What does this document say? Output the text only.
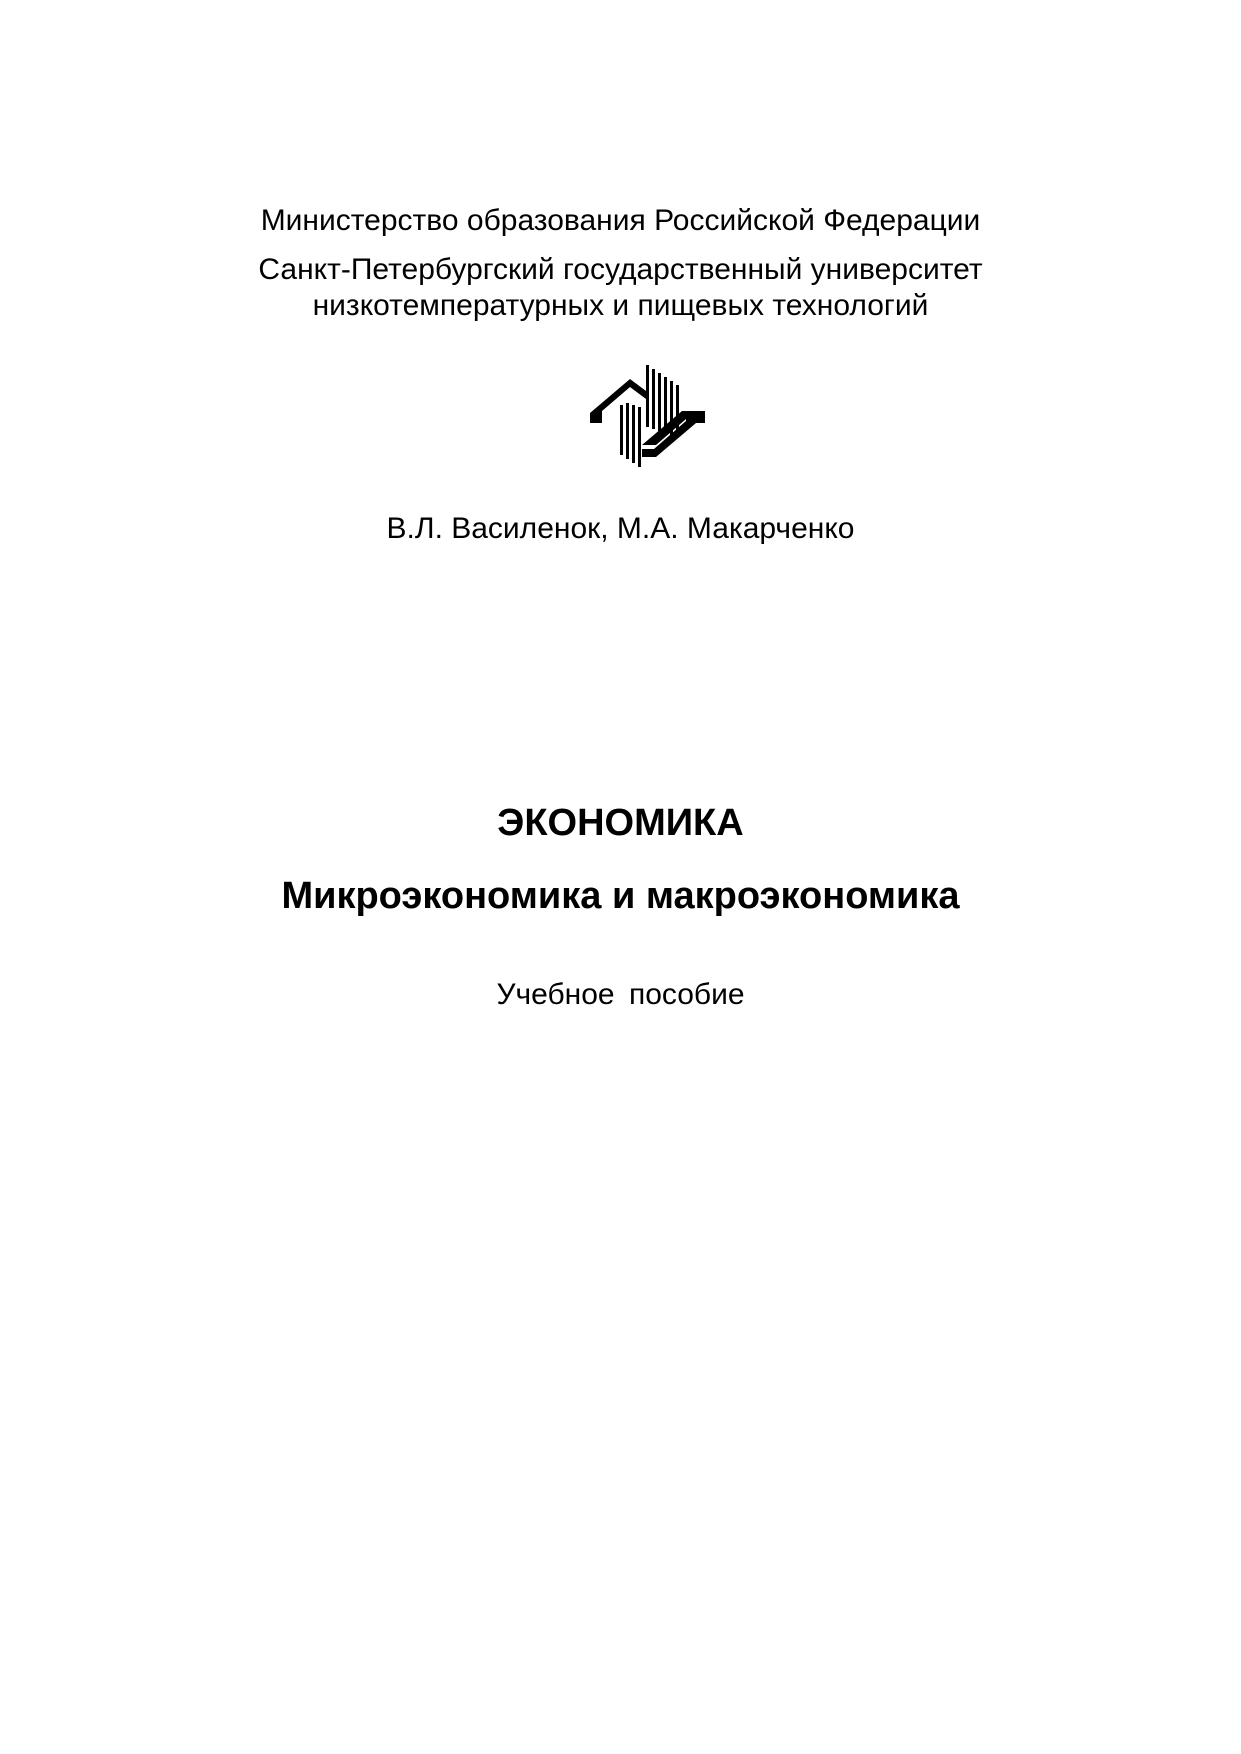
Министерство образования Российской Федерации
Санкт-Петербургский государственный университет
низкотемпературных и пищевых технологий
В.Л. Василенок, М.А. Макарченко
ЭКОНОМИКА
Микроэкономика и макроэкономика
Учебное пособие
